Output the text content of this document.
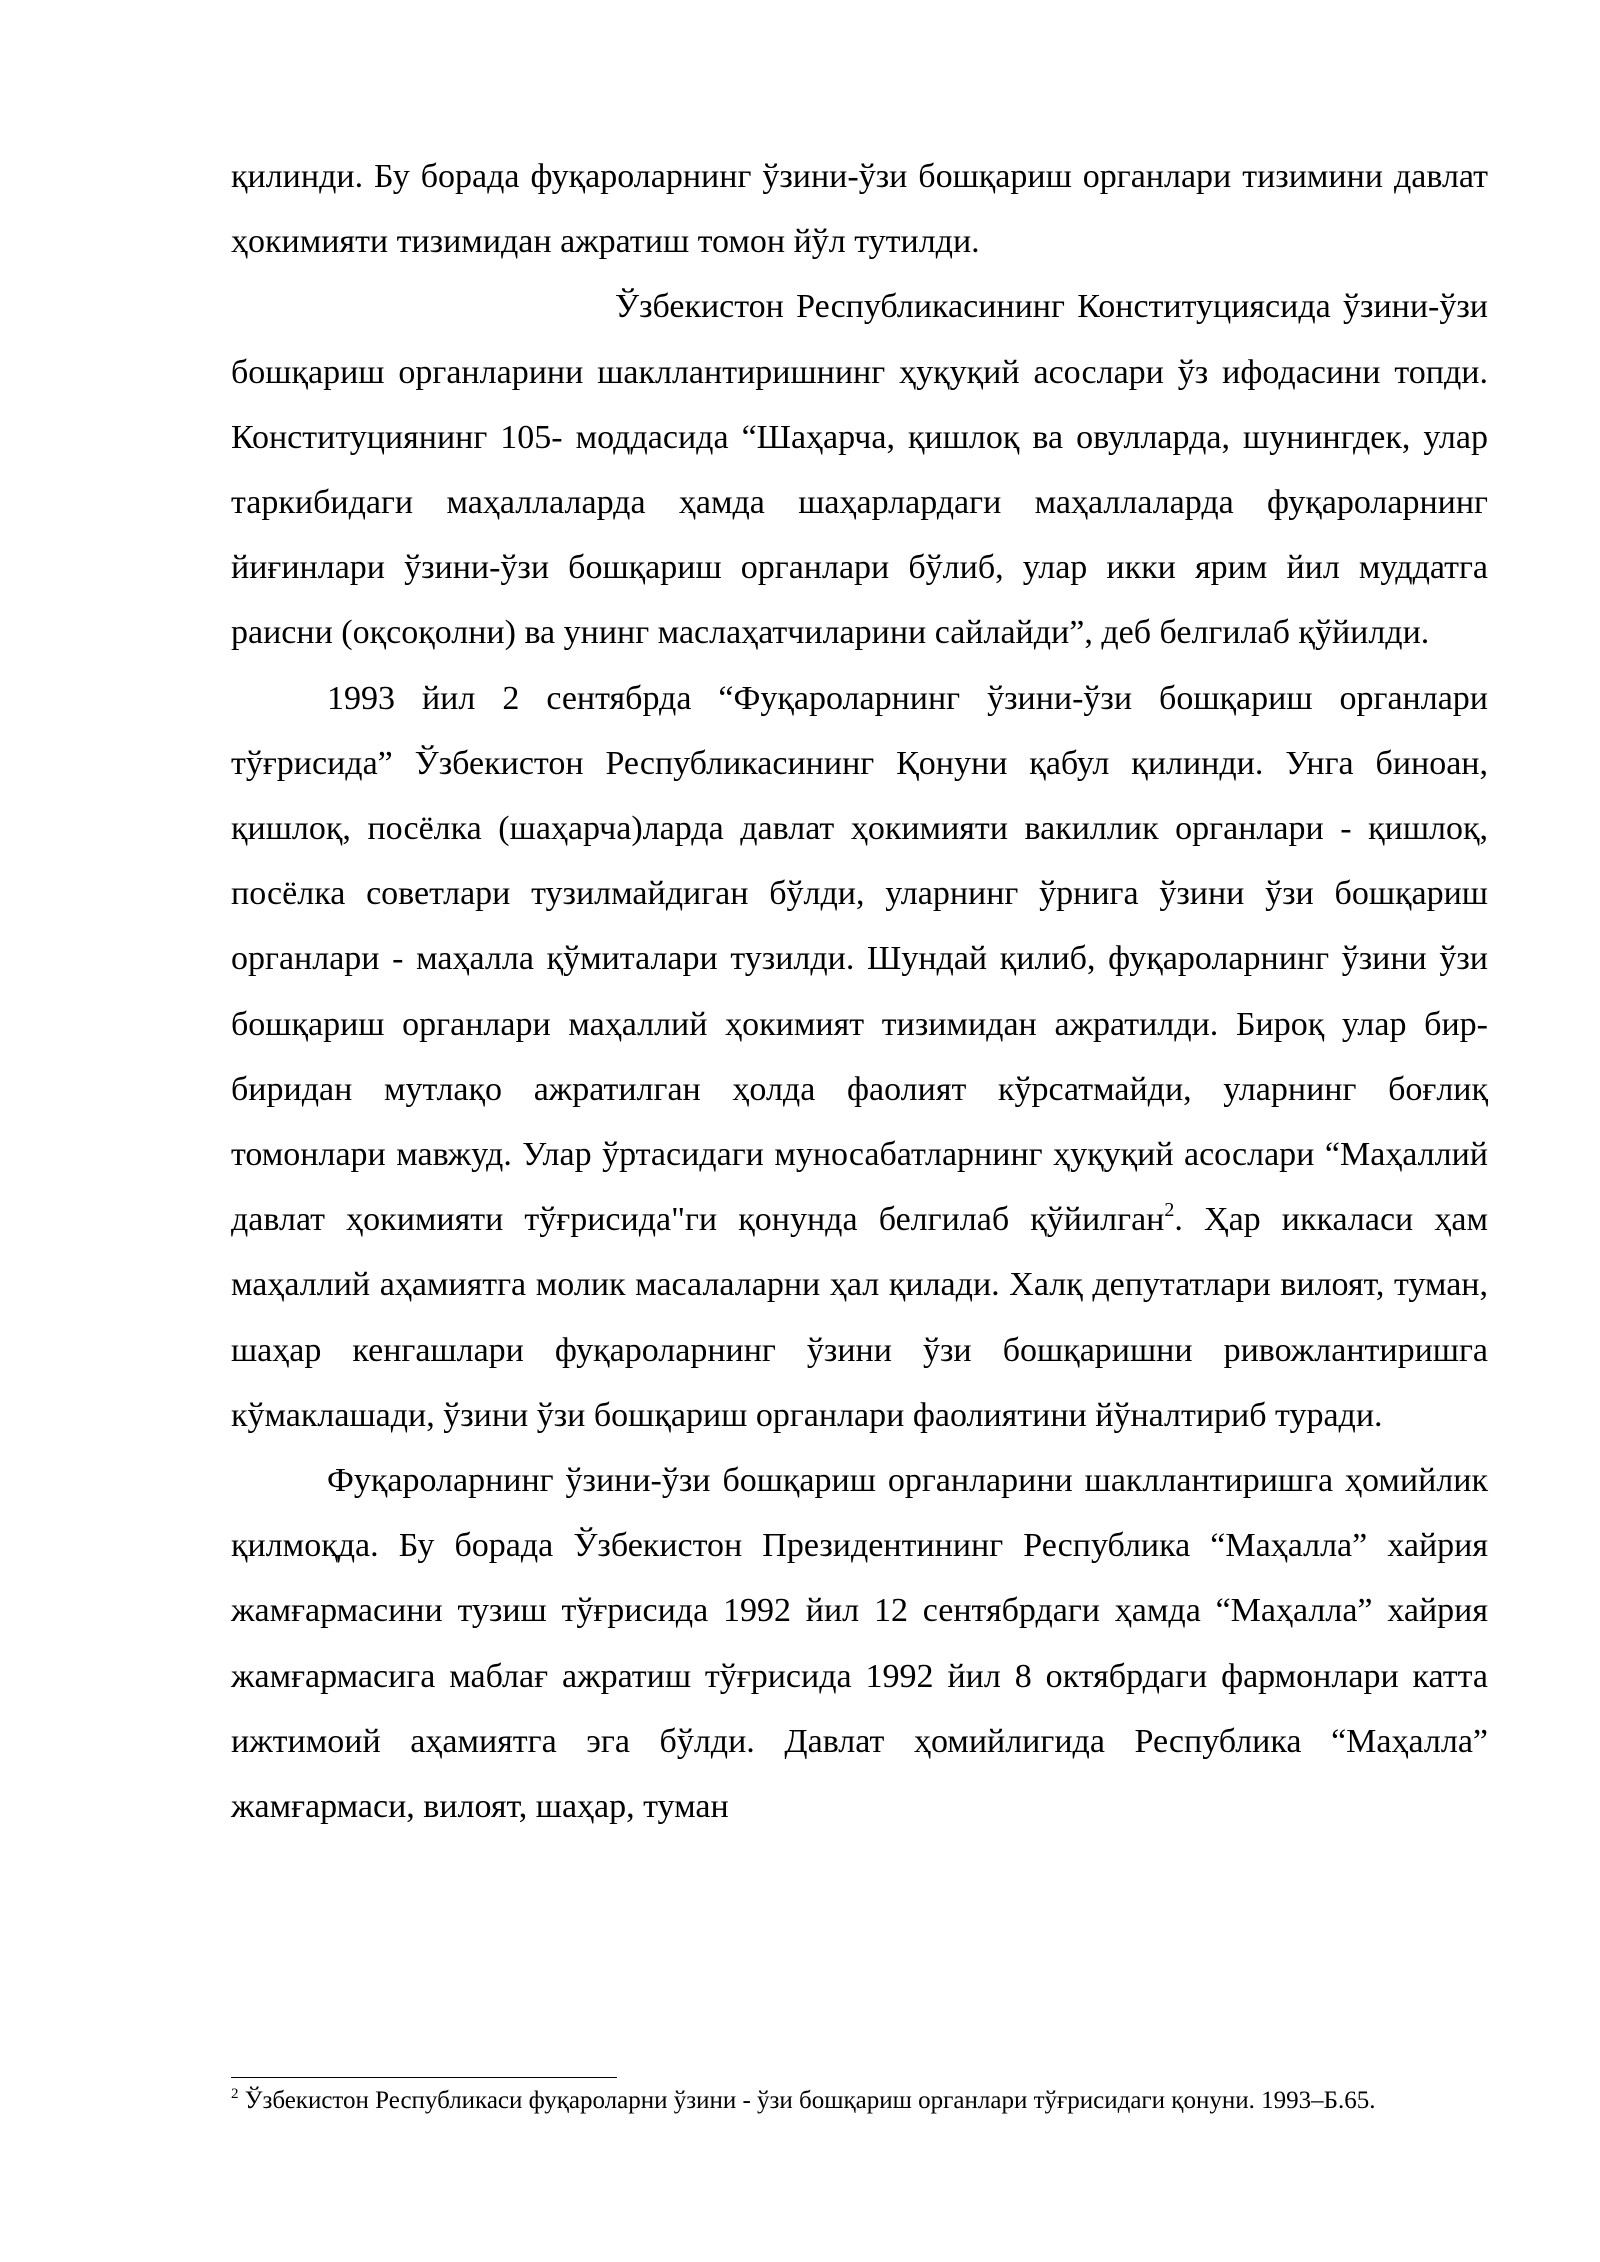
қилинди. Бу борада фуқароларнинг ўзини-ўзи бошқариш органлари тизимини давлат ҳокимияти тизимидан ажратиш томон йўл тутилди.

Ўзбекистон Республикасининг Конституциясида ўзини-ўзи бошқариш органларини шакллантиришнинг ҳуқуқий асослари ўз ифодасини топди. Конституциянинг 105- моддасида “Шаҳарча, қишлоқ ва овулларда, шунингдек, улар таркибидаги маҳаллаларда ҳамда шаҳарлардаги маҳаллаларда фуқароларнинг йиғинлари ўзини-ўзи бошқариш органлари бўлиб, улар икки ярим йил муддатга раисни (оқсоқолни) ва унинг маслаҳатчиларини сайлайди”, деб белгилаб қўйилди.

1993 йил 2 сентябрда “Фуқароларнинг ўзини-ўзи бошқариш органлари тўғрисида” Ўзбекистон Республикасининг Қонуни қабул қилинди. Унга биноан, қишлоқ, посёлка (шаҳарча)ларда давлат ҳокимияти вакиллик органлари - қишлоқ, посёлка советлари тузилмайдиган бўлди, уларнинг ўрнига ўзини ўзи бошқариш органлари - маҳалла қўмиталари тузилди. Шундай қилиб, фуқароларнинг ўзини ўзи бошқариш органлари маҳаллий ҳокимият тизимидан ажратилди. Бироқ улар бир-биридан мутлақо ажратилган ҳолда фаолият кўрсатмайди, уларнинг боғлиқ томонлари мавжуд. Улар ўртасидаги муносабатларнинг ҳуқуқий асослари “Маҳаллий давлат ҳокимияти тўғрисида"ги қонунда белгилаб қўйилган$^2$. Ҳар иккаласи ҳам маҳаллий аҳамиятга молик масалаларни ҳал қилади. Халқ депутатлари вилоят, туман, шаҳар кенгашлари фуқароларнинг ўзини ўзи бошқаришни ривожлантиришга кўмаклашади, ўзини ўзи бошқариш органлари фаолиятини йўналтириб туради.

Фуқароларнинг ўзини-ўзи бошқариш органларини шакллантиришга ҳомийлик қилмоқда. Бу борада Ўзбекистон Президентининг Республика “Маҳалла” хайрия жамғармасини тузиш тўғрисида 1992 йил 12 сентябрдаги ҳамда “Маҳалла” хайрия жамғармасига маблағ ажратиш тўғрисида 1992 йил 8 октябрдаги фармонлари катта ижтимоий аҳамиятга эга бўлди. Давлат ҳомийлигида Республика “Маҳалла” жамғармаси, вилоят, шаҳар, туман

$^2$ Ўзбекистон Республикаси фуқароларни ўзини - ўзи бошқариш органлари тўғрисидаги қонуни. 1993–Б.65.
